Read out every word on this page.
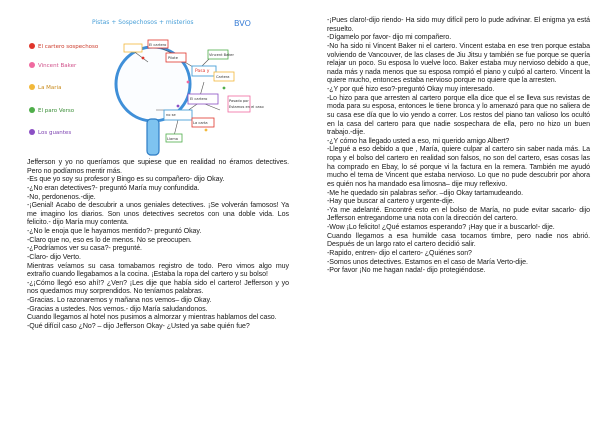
Pistas + Sospechosos + misterios	BVO
El cartero sospechoso
Vincent Baker
La Maria
El paro Verso
Los guantes
El cartero
Pilote
Pasa y
Vincent Baker
Cartera
El cartero	Pasado por
Estamos en el caso
no se
La carta
Llama

Jefferson y yo no queríamos que supiese que en realidad no éramos detectives. Pero no podíamos mentir más.

-Es que yo soy su profesor y Bingo es su compañero- dijo Okay.

-¿No eran detectives?- preguntó María muy confundida.

-No, perdonenos.-dije.

-¡Genial! Acabo de descubrir a unos geniales detectives. ¡Se volverán famosos! Ya me imagino los diarios. Son unos detectives secretos con una doble vida. Los felicito.- dijo María muy contenta.

-¿No le enoja que le hayamos mentido?- preguntó Okay.

-Claro que no, eso es lo de menos. No se preocupen.

-¿Podríamos ver su casa?- pregunté.

-Claro- dijo Verto.

Mientras veíamos su casa tomabamos registro de todo. Pero vimos algo muy extraño cuando llegabamos a la cocina. ¡Estaba la ropa del cartero y su bolso!

-¿¡Cómo llegó eso ahí!? ¿Ven? ¡Les dije que había sido el cartero! Jefferson y yo nos quedamos muy sorprendidos. No teníamos palabras.

-Gracias. Lo razonaremos y mañana nos vemos– dijo Okay.

-Gracias a ustedes. Nos vemos.- dijo María saludandonos.

Cuando llegamos al hotel nos pusimos a almorzar y mientras hablamos del caso.

-Qué difícil caso ¿No? – dijo Jefferson Okay- ¿Usted ya sabe quién fue?

-¡Pues claro!-dijo riendo- Ha sido muy difícil pero lo pude adivinar. El enigma ya está resuelto.

-Dígamelo por favor- dijo mi compañero.

-No ha sido ni Vincent Baker ni el cartero. Vincent estaba en ese tren porque estaba volviendo de Vancouver, de las clases de Jiu Jitsu y también se fue porque se quería relajar un poco. Su esposa lo vuelve loco. Baker estaba muy nervioso debido a que, nada más y nada menos que su esposa rompió el piano y culpó al cartero. Vincent la quiere mucho, entonces estaba nervioso porque no quiere que la arresten.

-¿Y por qué hizo eso?-preguntó Okay muy interesado.

-Lo hizo para que arresten al cartero porque ella dice que el se lleva sus revistas de moda para su esposa, entonces le tiene bronca y lo amenazó para que no saliera de su casa ese día que lo vio yendo a correr. Los restos del piano tan valioso los ocultó en la casa del cartero para que nadie sospechara de ella, pero no hizo un buen trabajo.-dije.

-¿Y cómo ha llegado usted a eso, mi querido amigo Albert?

-Llegué a eso debido a que , María, quiere culpar al cartero sin saber nada más. La ropa y el bolso del cartero en realidad son falsos, no son del cartero, esas cosas las ha comprado en Ebay, lo sé porque vi la factura en la remera. También me ayudó mucho el tema de Vincent que estaba nervioso. Lo que no pude descubrir por ahora es quién nos ha mandado esa limosna– dije muy reflexivo.

-Me he quedado sin palabras señor. –dijo Okay tartamudeando.

-Hay que buscar al cartero y urgente-dije.

-Ya me adelanté. Encontré esto en el bolso de María, no pude evitar sacarlo- dijo Jefferson entregandome una nota con la dirección del cartero.

-Wow ¡Lo felicito! ¿Qué estamos esperando? ¡Hay que ir a buscarlo!- dije.

Cuando llegamos a esa humilde casa tocamos timbre, pero nadie nos abrió. Después de un largo rato el cartero decidió salir.

-Rapido, entren- dijo el cartero- ¿Quiénes son?

-Somos unos detectives. Estamos en el caso de María Verto-dije.

-Por favor ¡No me hagan nada!- dijo protegiéndose.
